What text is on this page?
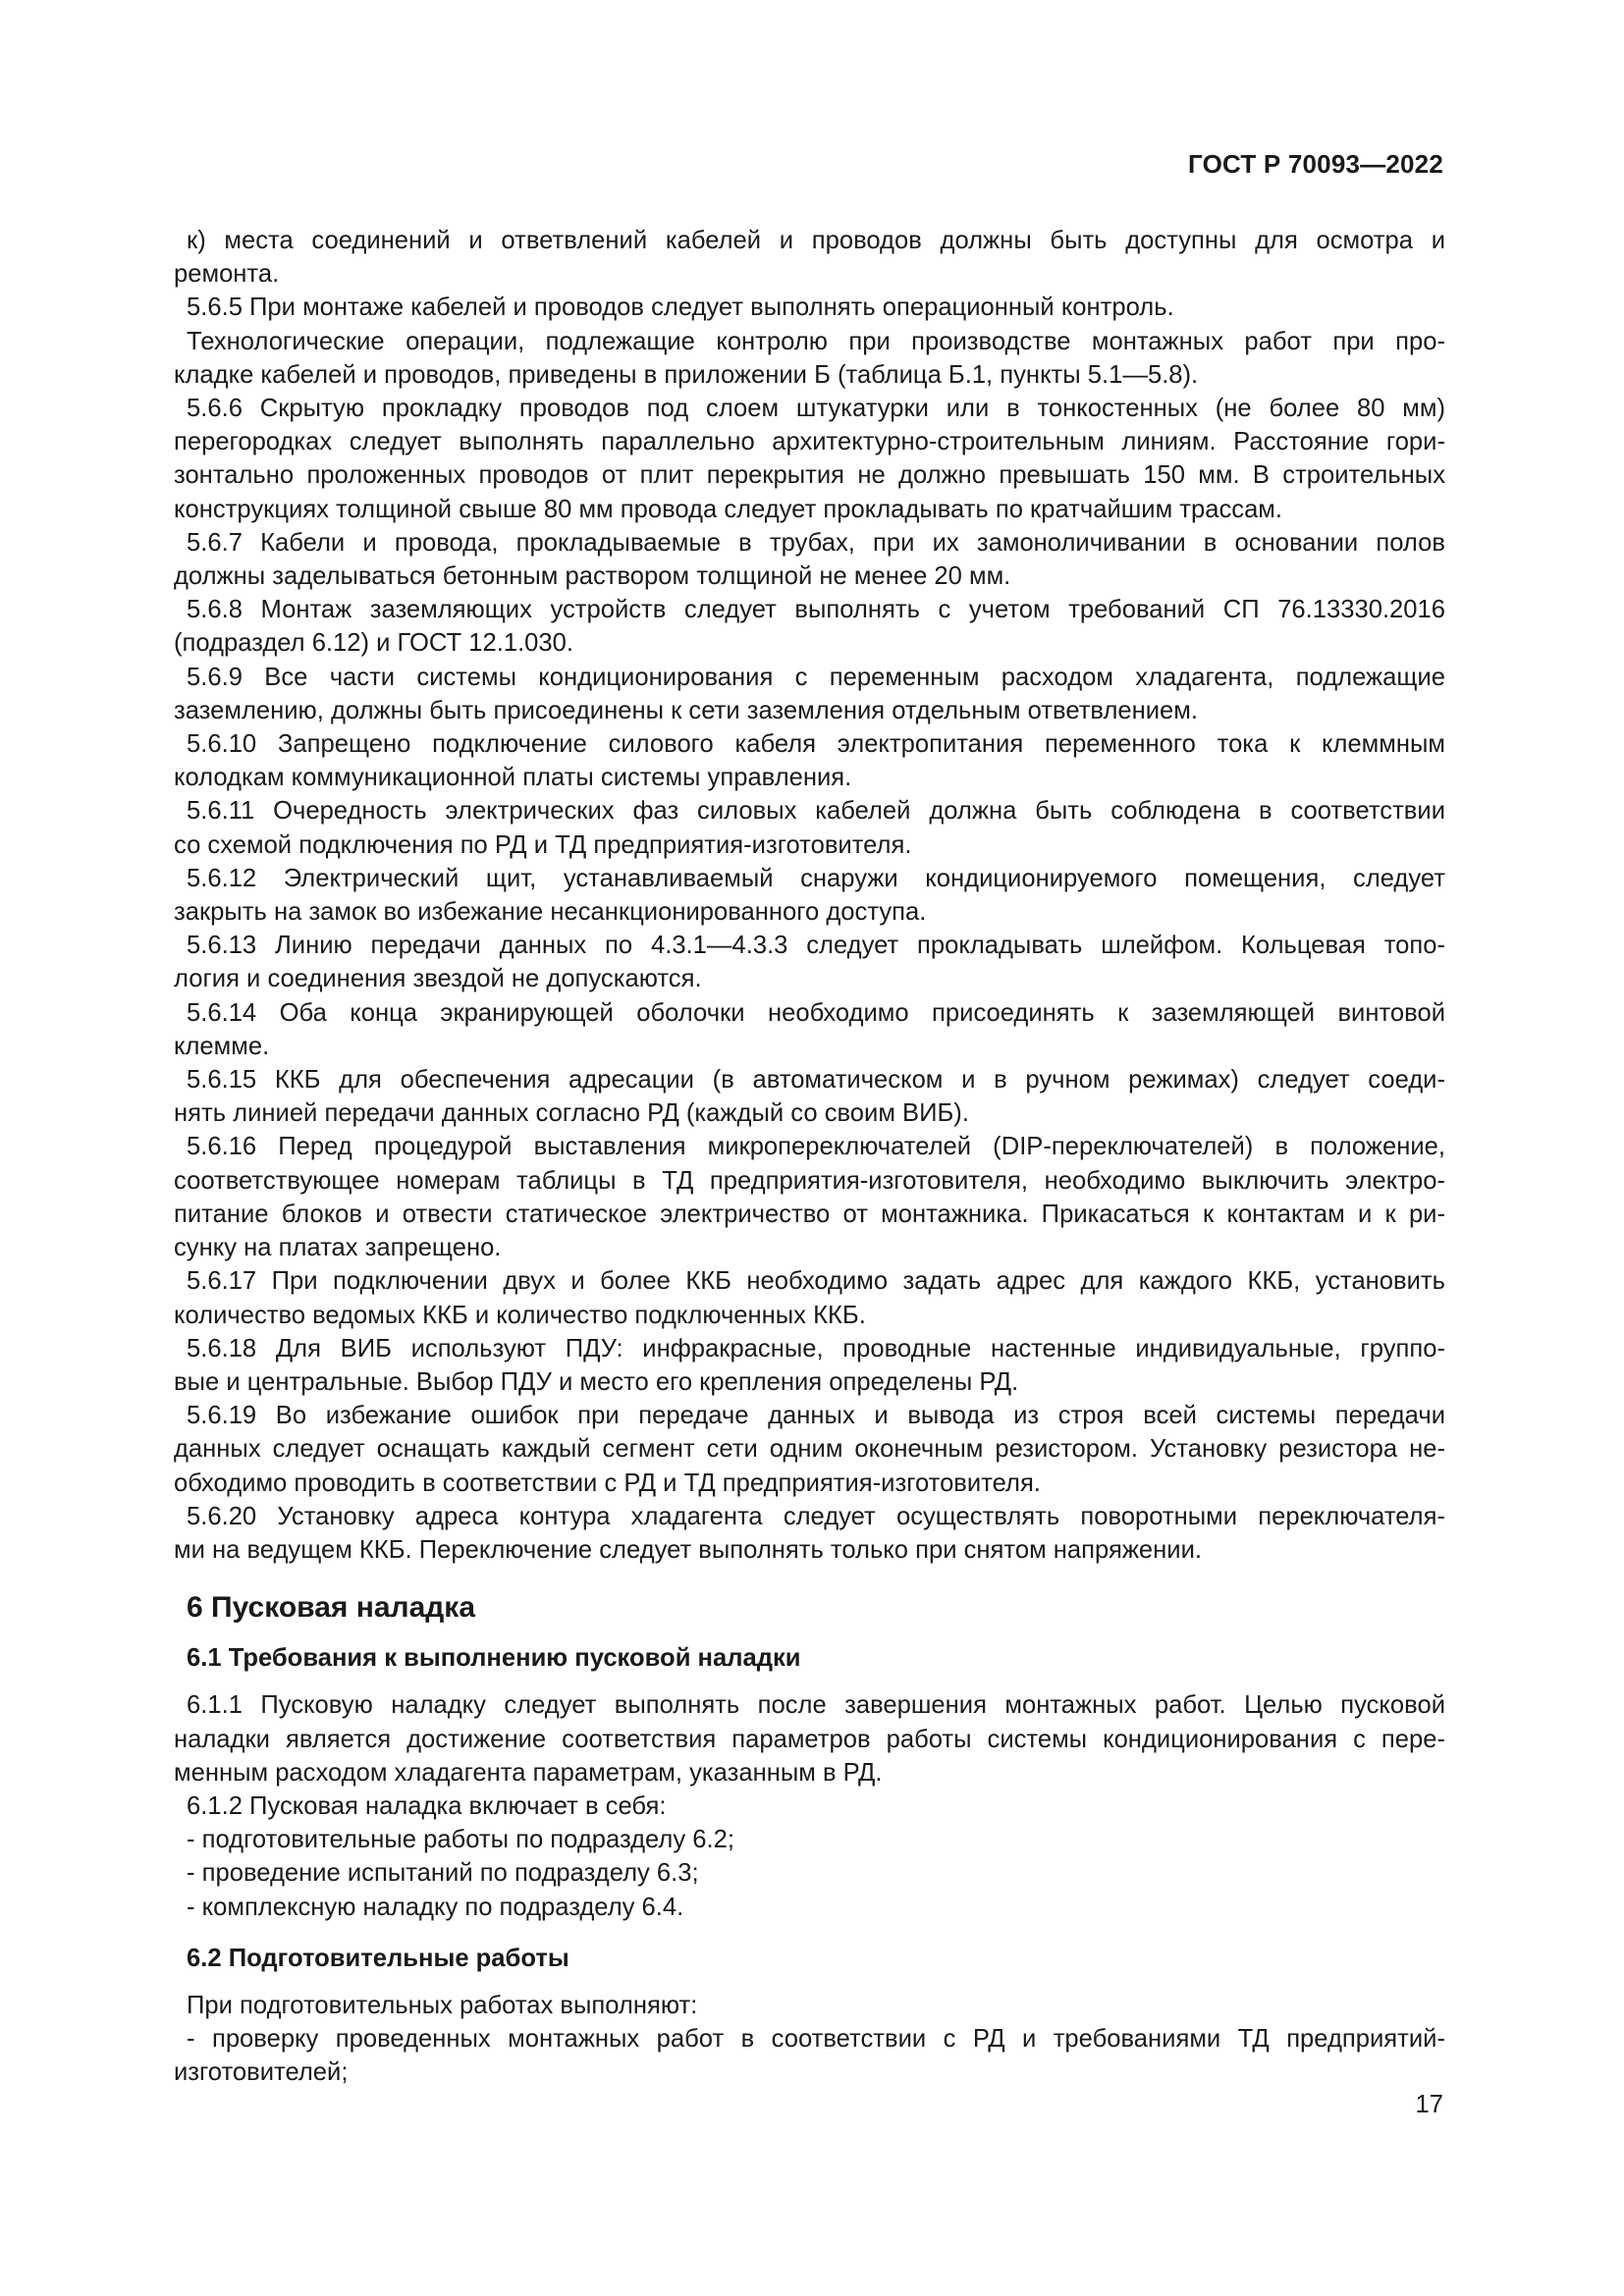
ГОСТ Р 70093—2022
к) места соединений и ответвлений кабелей и проводов должны быть доступны для осмотра и
ремонта.
5.6.5 При монтаже кабелей и проводов следует выполнять операционный контроль.
Технологические операции, подлежащие контролю при производстве монтажных работ при про-
кладке кабелей и проводов, приведены в приложении Б (таблица Б.1, пункты 5.1—5.8).
5.6.6 Скрытую прокладку проводов под слоем штукатурки или в тонкостенных (не более 80 мм)
перегородках следует выполнять параллельно архитектурно-строительным линиям. Расстояние гори-
зонтально проложенных проводов от плит перекрытия не должно превышать 150 мм. В строительных
конструкциях толщиной свыше 80 мм провода следует прокладывать по кратчайшим трассам.
5.6.7 Кабели и провода, прокладываемые в трубах, при их замоноличивании в основании полов
должны заделываться бетонным раствором толщиной не менее 20 мм.
5.6.8 Монтаж заземляющих устройств следует выполнять с учетом требований СП 76.13330.2016
(подраздел 6.12) и ГОСТ 12.1.030.
5.6.9 Все части системы кондиционирования с переменным расходом хладагента, подлежащие
заземлению, должны быть присоединены к сети заземления отдельным ответвлением.
5.6.10 Запрещено подключение силового кабеля электропитания переменного тока к клеммным
колодкам коммуникационной платы системы управления.
5.6.11 Очередность электрических фаз силовых кабелей должна быть соблюдена в соответствии
со схемой подключения по РД и ТД предприятия-изготовителя.
5.6.12 Электрический щит, устанавливаемый снаружи кондиционируемого помещения, следует
закрыть на замок во избежание несанкционированного доступа.
5.6.13 Линию передачи данных по 4.3.1—4.3.3 следует прокладывать шлейфом. Кольцевая топо-
логия и соединения звездой не допускаются.
5.6.14 Оба конца экранирующей оболочки необходимо присоединять к заземляющей винтовой
клемме.
5.6.15 ККБ для обеспечения адресации (в автоматическом и в ручном режимах) следует соеди-
нять линией передачи данных согласно РД (каждый со своим ВИБ).
5.6.16 Перед процедурой выставления микропереключателей (DIP-переключателей) в положение,
соответствующее номерам таблицы в ТД предприятия-изготовителя, необходимо выключить электро-
питание блоков и отвести статическое электричество от монтажника. Прикасаться к контактам и к ри-
сунку на платах запрещено.
5.6.17 При подключении двух и более ККБ необходимо задать адрес для каждого ККБ, установить
количество ведомых ККБ и количество подключенных ККБ.
5.6.18 Для ВИБ используют ПДУ: инфракрасные, проводные настенные индивидуальные, группо-
вые и центральные. Выбор ПДУ и место его крепления определены РД.
5.6.19 Во избежание ошибок при передаче данных и вывода из строя всей системы передачи
данных следует оснащать каждый сегмент сети одним оконечным резистором. Установку резистора не-
обходимо проводить в соответствии с РД и ТД предприятия-изготовителя.
5.6.20 Установку адреса контура хладагента следует осуществлять поворотными переключателя-
ми на ведущем ККБ. Переключение следует выполнять только при снятом напряжении.
6 Пусковая наладка
6.1 Требования к выполнению пусковой наладки
6.1.1 Пусковую наладку следует выполнять после завершения монтажных работ. Целью пусковой
наладки является достижение соответствия параметров работы системы кондиционирования с пере-
менным расходом хладагента параметрам, указанным в РД.
6.1.2 Пусковая наладка включает в себя:
- подготовительные работы по подразделу 6.2;
- проведение испытаний по подразделу 6.3;
- комплексную наладку по подразделу 6.4.
6.2 Подготовительные работы
При подготовительных работах выполняют:
- проверку проведенных монтажных работ в соответствии с РД и требованиями ТД предприятий-
изготовителей;
17
